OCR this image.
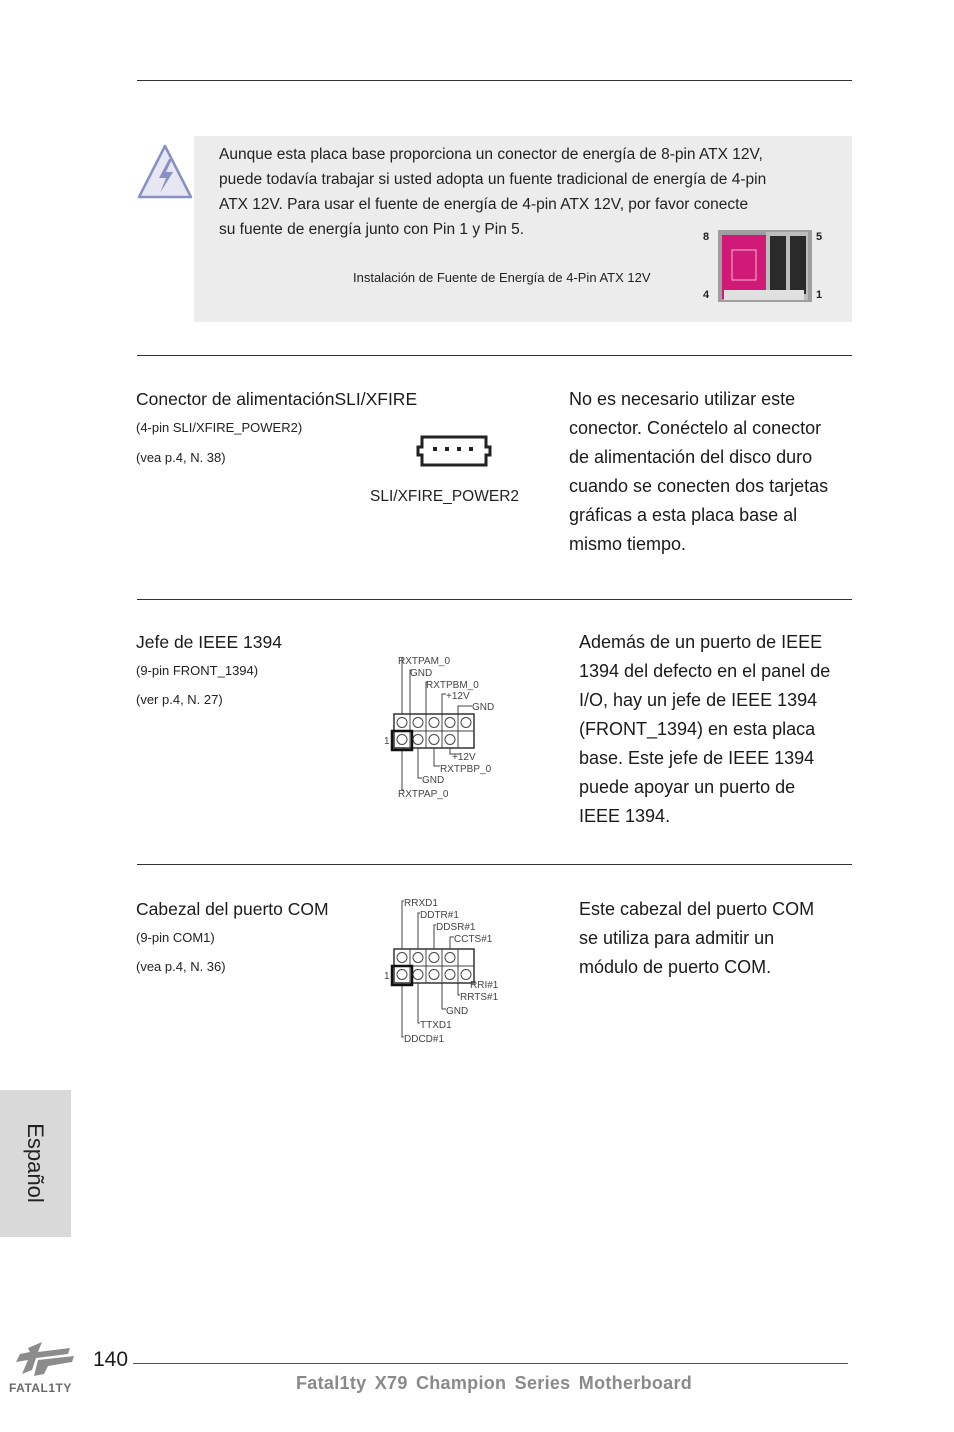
Aunque esta placa base proporciona un conector de energía de 8-pin ATX 12V,
puede todavía trabajar si usted adopta un fuente tradicional de energía de 4-pin
ATX 12V. Para usar el fuente de energía de 4-pin ATX 12V, por favor conecte
su fuente de energía junto con Pin 1 y Pin 5.
Instalación de Fuente de Energía de 4-Pin ATX 12V
8	5
4	1
Conector de alimentaciónSLI/XFIRE
(4-pin SLI/XFIRE_POWER2)
(vea p.4, N. 38)
SLI/XFIRE_POWER2
No es necesario utilizar este
conector. Conéctelo al conector
de alimentación del disco duro
cuando se conecten dos tarjetas
gráficas a esta placa base al
mismo tiempo.
Jefe de IEEE 1394
(9-pin FRONT_1394)
(ver p.4, N. 27)
RXTPAM_0
GND
RXTPBM_0
+12V
GND
+12V
RXTPBP_0
GND
RXTPAP_0
1
Además de un puerto de IEEE
1394 del defecto en el panel de
I/O, hay un jefe de IEEE 1394
(FRONT_1394) en esta placa
base. Este jefe de IEEE 1394
puede apoyar un puerto de
IEEE 1394.
Cabezal del puerto COM
(9-pin COM1)
(vea p.4, N. 36)
RRXD1
DDTR#1
DDSR#1
CCTS#1
RRI#1
RRTS#1
GND
TTXD1
DDCD#1
1
Este cabezal del puerto COM
se utiliza para admitir un
módulo de puerto COM.
Español
FATAL1TY
140
Fatal1ty X79 Champion Series Motherboard
